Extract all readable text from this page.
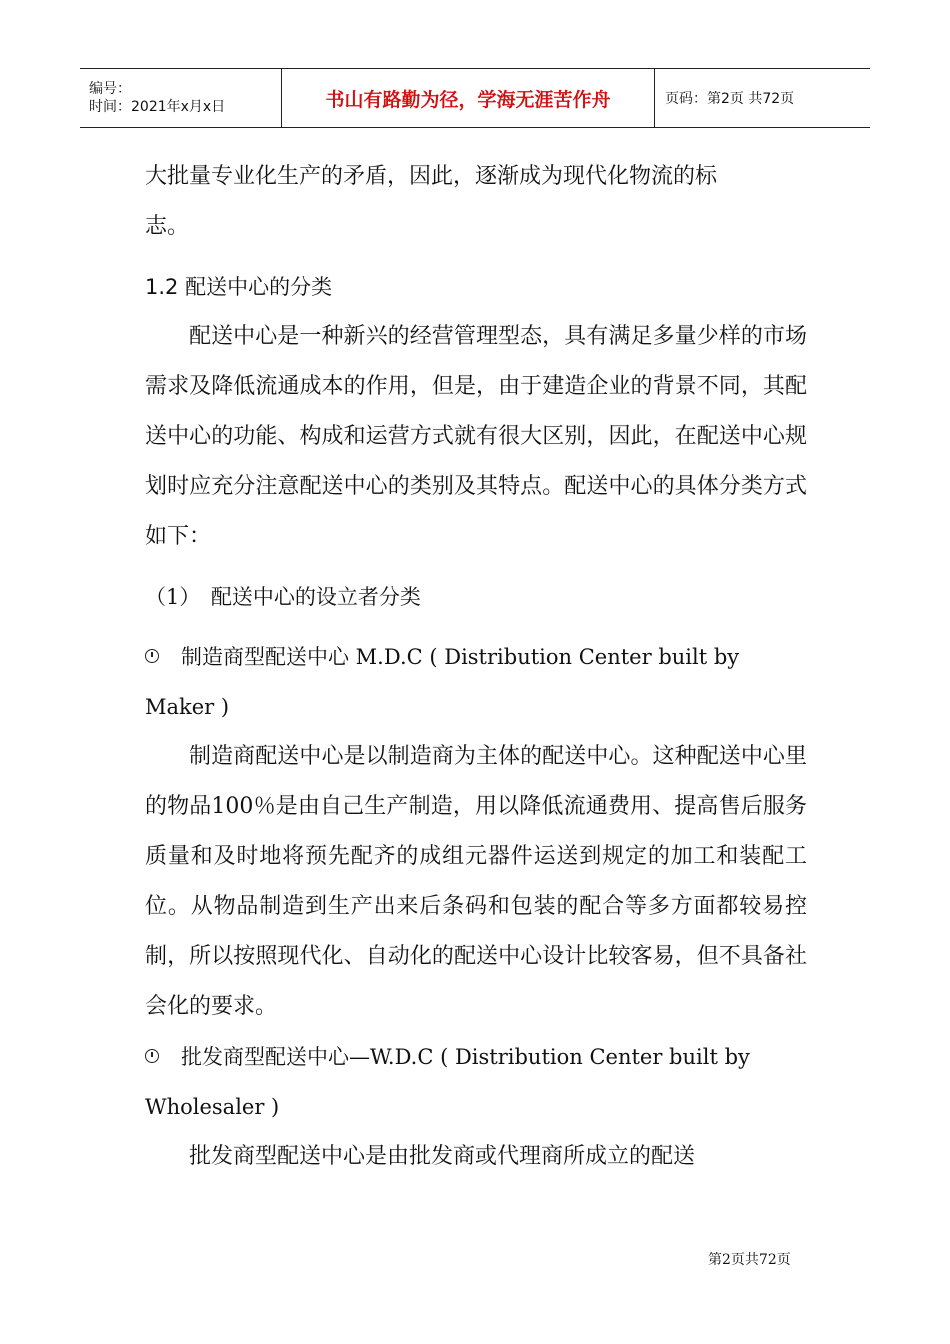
编号：
时间：2021年x月x日	书山有路勤为径，学海无涯苦作舟	页码：第2页 共72页

大批量专业化生产的矛盾，因此，逐渐成为现代化物流的标

志。

1.2 配送中心的分类

配送中心是一种新兴的经营管理型态，具有满足多量少样的市场需求及降低流通成本的作用，但是，由于建造企业的背景不同，其配送中心的功能、构成和运营方式就有很大区别，因此，在配送中心规划时应充分注意配送中心的类别及其特点。配送中心的具体分类方式如下：

（1）　配送中心的设立者分类

制造商型配送中心 M.D.C ( Distribution Center built by

Maker )

制造商配送中心是以制造商为主体的配送中心。这种配送中心里的物品100％是由自己生产制造，用以降低流通费用、提高售后服务质量和及时地将预先配齐的成组元器件运送到规定的加工和装配工位。从物品制造到生产出来后条码和包装的配合等多方面都较易控制，所以按照现代化、自动化的配送中心设计比较客易，但不具备社会化的要求。

批发商型配送中心—W.D.C ( Distribution Center built by

Wholesaler )

批发商型配送中心是由批发商或代理商所成立的配送

第2页共72页
